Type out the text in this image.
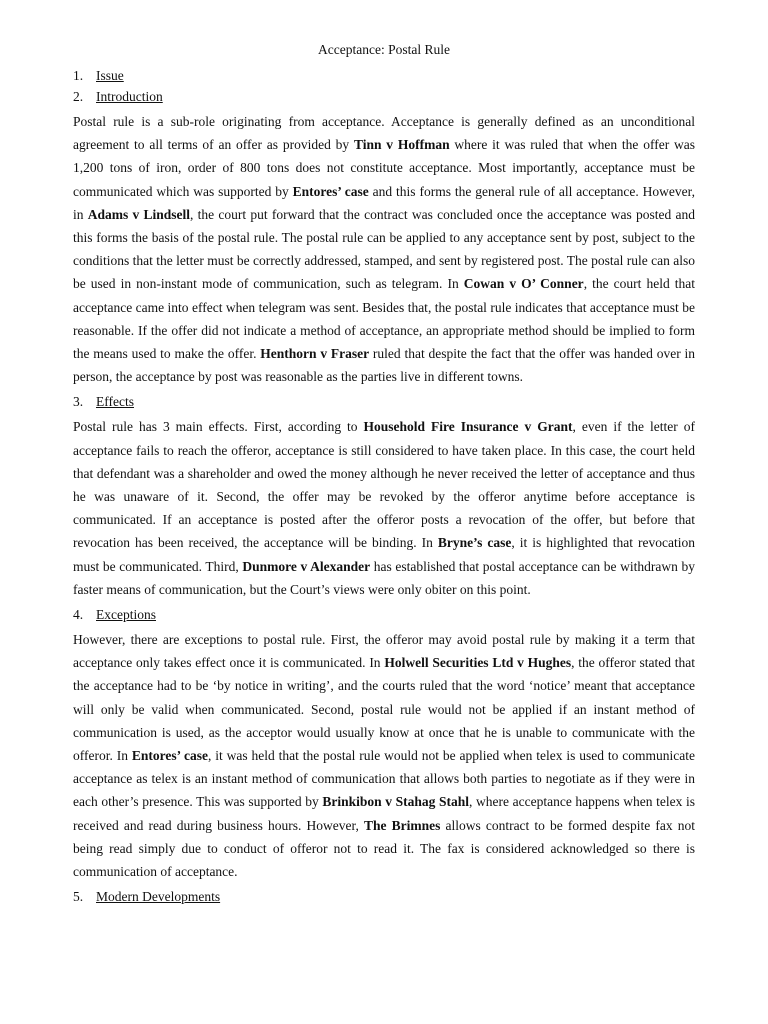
Acceptance: Postal Rule
1. Issue
2. Introduction
Postal rule is a sub-role originating from acceptance. Acceptance is generally defined as an unconditional agreement to all terms of an offer as provided by Tinn v Hoffman where it was ruled that when the offer was 1,200 tons of iron, order of 800 tons does not constitute acceptance. Most importantly, acceptance must be communicated which was supported by Entores’ case and this forms the general rule of all acceptance. However, in Adams v Lindsell, the court put forward that the contract was concluded once the acceptance was posted and this forms the basis of the postal rule. The postal rule can be applied to any acceptance sent by post, subject to the conditions that the letter must be correctly addressed, stamped, and sent by registered post. The postal rule can also be used in non-instant mode of communication, such as telegram. In Cowan v O’ Conner, the court held that acceptance came into effect when telegram was sent. Besides that, the postal rule indicates that acceptance must be reasonable. If the offer did not indicate a method of acceptance, an appropriate method should be implied to form the means used to make the offer. Henthorn v Fraser ruled that despite the fact that the offer was handed over in person, the acceptance by post was reasonable as the parties live in different towns.
3. Effects
Postal rule has 3 main effects. First, according to Household Fire Insurance v Grant, even if the letter of acceptance fails to reach the offeror, acceptance is still considered to have taken place. In this case, the court held that defendant was a shareholder and owed the money although he never received the letter of acceptance and thus he was unaware of it. Second, the offer may be revoked by the offeror anytime before acceptance is communicated. If an acceptance is posted after the offeror posts a revocation of the offer, but before that revocation has been received, the acceptance will be binding. In Bryne’s case, it is highlighted that revocation must be communicated. Third, Dunmore v Alexander has established that postal acceptance can be withdrawn by faster means of communication, but the Court’s views were only obiter on this point.
4. Exceptions
However, there are exceptions to postal rule. First, the offeror may avoid postal rule by making it a term that acceptance only takes effect once it is communicated. In Holwell Securities Ltd v Hughes, the offeror stated that the acceptance had to be ‘by notice in writing’, and the courts ruled that the word ‘notice’ meant that acceptance will only be valid when communicated. Second, postal rule would not be applied if an instant method of communication is used, as the acceptor would usually know at once that he is unable to communicate with the offeror. In Entores’ case, it was held that the postal rule would not be applied when telex is used to communicate acceptance as telex is an instant method of communication that allows both parties to negotiate as if they were in each other’s presence. This was supported by Brinkibon v Stahag Stahl, where acceptance happens when telex is received and read during business hours. However, The Brimnes allows contract to be formed despite fax not being read simply due to conduct of offeror not to read it. The fax is considered acknowledged so there is communication of acceptance.
5. Modern Developments
